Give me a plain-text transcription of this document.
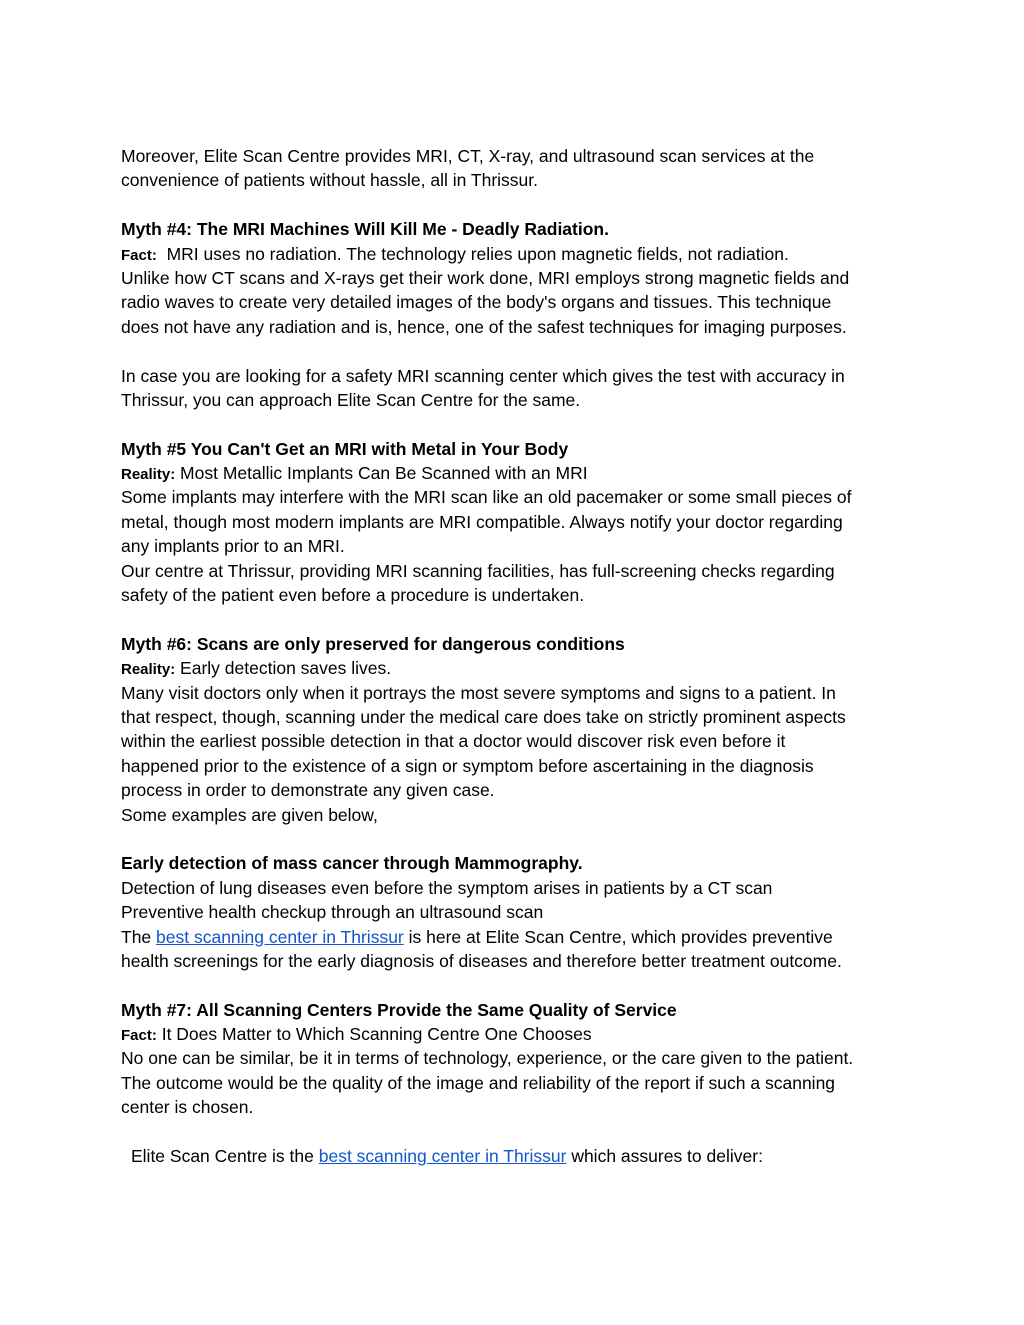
Moreover, Elite Scan Centre provides MRI, CT, X-ray, and ultrasound scan services at the
convenience of patients without hassle, all in Thrissur.
Myth #4: The MRI Machines Will Kill Me - Deadly Radiation.
Fact:  MRI uses no radiation. The technology relies upon magnetic fields, not radiation.
Unlike how CT scans and X-rays get their work done, MRI employs strong magnetic fields and
radio waves to create very detailed images of the body's organs and tissues. This technique
does not have any radiation and is, hence, one of the safest techniques for imaging purposes.
In case you are looking for a safety MRI scanning center which gives the test with accuracy in
Thrissur, you can approach Elite Scan Centre for the same.
Myth #5 You Can't Get an MRI with Metal in Your Body
Reality: Most Metallic Implants Can Be Scanned with an MRI
Some implants may interfere with the MRI scan like an old pacemaker or some small pieces of
metal, though most modern implants are MRI compatible. Always notify your doctor regarding
any implants prior to an MRI.
Our centre at Thrissur, providing MRI scanning facilities, has full-screening checks regarding
safety of the patient even before a procedure is undertaken.
Myth #6: Scans are only preserved for dangerous conditions
Reality: Early detection saves lives.
Many visit doctors only when it portrays the most severe symptoms and signs to a patient. In
that respect, though, scanning under the medical care does take on strictly prominent aspects
within the earliest possible detection in that a doctor would discover risk even before it
happened prior to the existence of a sign or symptom before ascertaining in the diagnosis
process in order to demonstrate any given case.
Some examples are given below,
Early detection of mass cancer through Mammography.
Detection of lung diseases even before the symptom arises in patients by a CT scan
Preventive health checkup through an ultrasound scan
The best scanning center in Thrissur is here at Elite Scan Centre, which provides preventive
health screenings for the early diagnosis of diseases and therefore better treatment outcome.
Myth #7: All Scanning Centers Provide the Same Quality of Service
Fact: It Does Matter to Which Scanning Centre One Chooses
No one can be similar, be it in terms of technology, experience, or the care given to the patient.
The outcome would be the quality of the image and reliability of the report if such a scanning
center is chosen.
Elite Scan Centre is the best scanning center in Thrissur which assures to deliver:
